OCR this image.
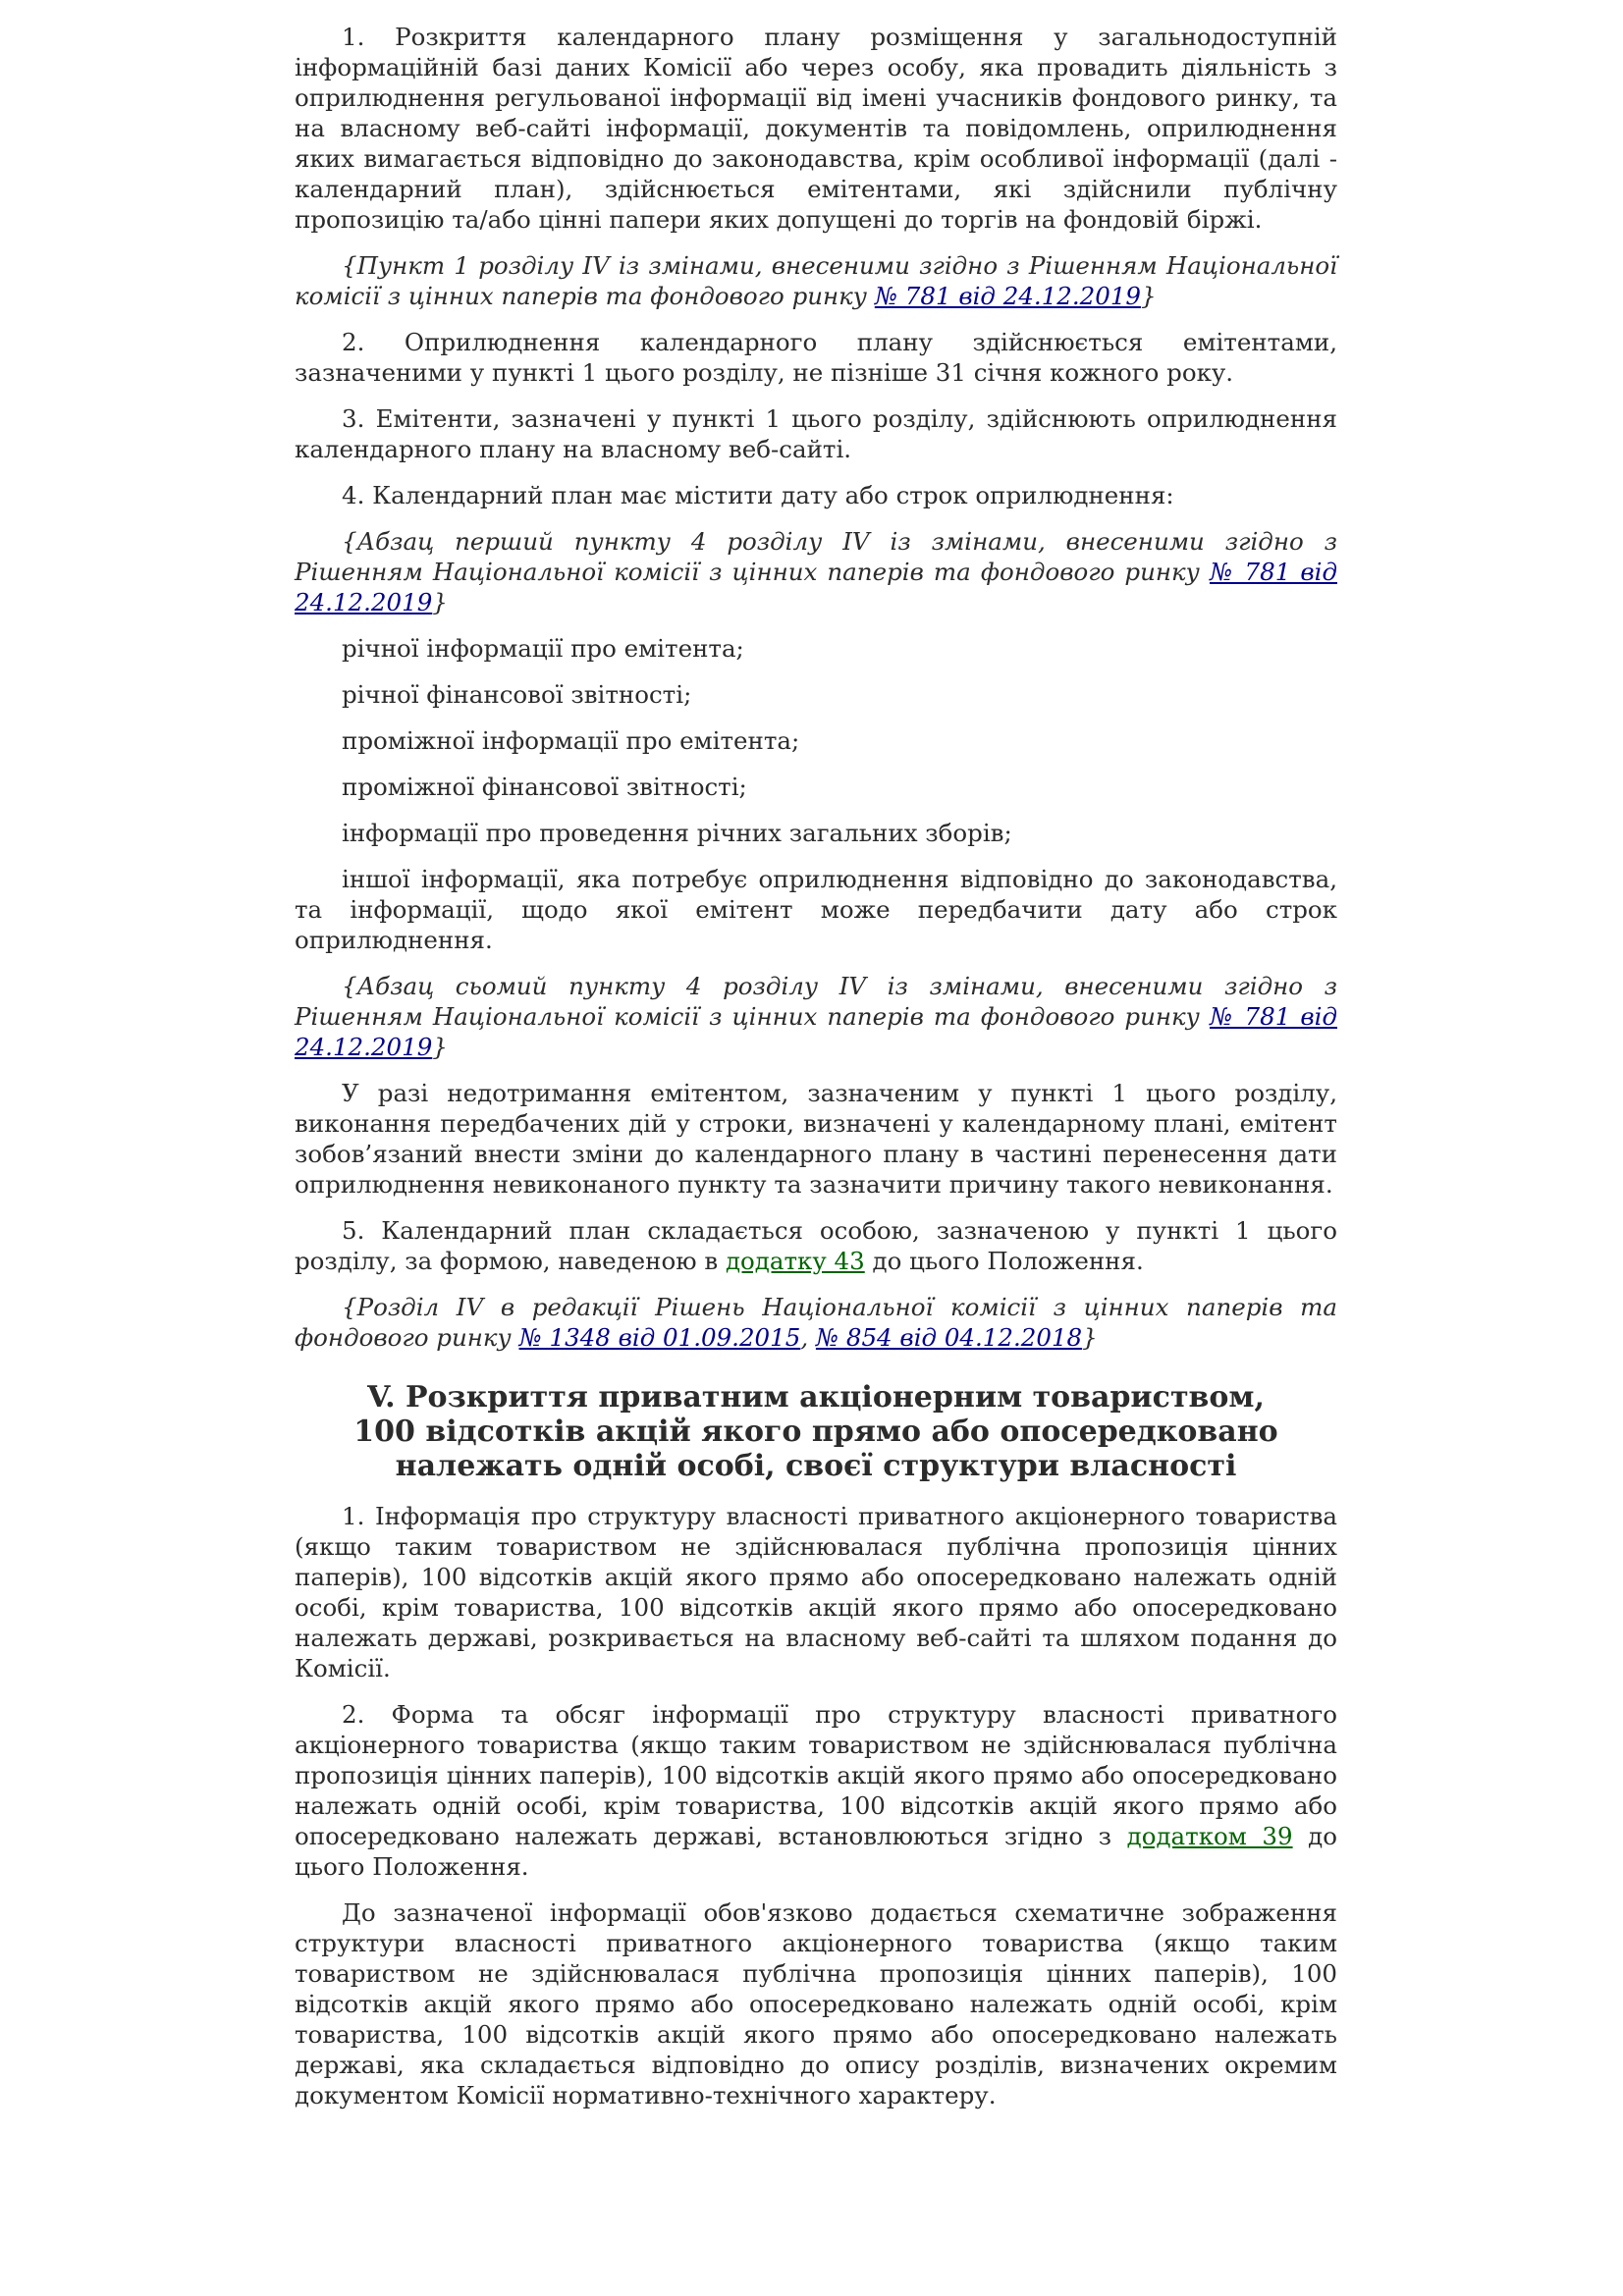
1. Розкриття календарного плану розміщення у загальнодоступній інформаційній базі даних Комісії або через особу, яка провадить діяльність з оприлюднення регульованої інформації від імені учасників фондового ринку, та на власному веб-сайті інформації, документів та повідомлень, оприлюднення яких вимагається відповідно до законодавства, крім особливої інформації (далі - календарний план), здійснюється емітентами, які здійснили публічну пропозицію та/або цінні папери яких допущені до торгів на фондовій біржі.

{Пункт 1 розділу IV із змінами, внесеними згідно з Рішенням Національної комісії з цінних паперів та фондового ринку № 781 від 24.12.2019}

2. Оприлюднення календарного плану здійснюється емітентами, зазначеними у пункті 1 цього розділу, не пізніше 31 січня кожного року.

3. Емітенти, зазначені у пункті 1 цього розділу, здійснюють оприлюднення календарного плану на власному веб-сайті.

4. Календарний план має містити дату або строк оприлюднення:

{Абзац перший пункту 4 розділу IV із змінами, внесеними згідно з Рішенням Національної комісії з цінних паперів та фондового ринку № 781 від 24.12.2019}

річної інформації про емітента;

річної фінансової звітності;

проміжної інформації про емітента;

проміжної фінансової звітності;

інформації про проведення річних загальних зборів;

іншої інформації, яка потребує оприлюднення відповідно до законодавства, та інформації, щодо якої емітент може передбачити дату або строк оприлюднення.

{Абзац сьомий пункту 4 розділу IV із змінами, внесеними згідно з Рішенням Національної комісії з цінних паперів та фондового ринку № 781 від 24.12.2019}

У разі недотримання емітентом, зазначеним у пункті 1 цього розділу, виконання передбачених дій у строки, визначені у календарному плані, емітент зобов’язаний внести зміни до календарного плану в частині перенесення дати оприлюднення невиконаного пункту та зазначити причину такого невиконання.

5. Календарний план складається особою, зазначеною у пункті 1 цього розділу, за формою, наведеною в додатку 43 до цього Положення.

{Розділ IV в редакції Рішень Національної комісії з цінних паперів та фондового ринку № 1348 від 01.09.2015, № 854 від 04.12.2018}

V. Розкриття приватним акціонерним товариством,
100 відсотків акцій якого прямо або опосередковано
належать одній особі, своєї структури власності

1. Інформація про структуру власності приватного акціонерного товариства (якщо таким товариством не здійснювалася публічна пропозиція цінних паперів), 100 відсотків акцій якого прямо або опосередковано належать одній особі, крім товариства, 100 відсотків акцій якого прямо або опосередковано належать державі, розкривається на власному веб-сайті та шляхом подання до Комісії.

2. Форма та обсяг інформації про структуру власності приватного акціонерного товариства (якщо таким товариством не здійснювалася публічна пропозиція цінних паперів), 100 відсотків акцій якого прямо або опосередковано належать одній особі, крім товариства, 100 відсотків акцій якого прямо або опосередковано належать державі, встановлюються згідно з додатком 39 до цього Положення.

До зазначеної інформації обов'язково додається схематичне зображення структури власності приватного акціонерного товариства (якщо таким товариством не здійснювалася публічна пропозиція цінних паперів), 100 відсотків акцій якого прямо або опосередковано належать одній особі, крім товариства, 100 відсотків акцій якого прямо або опосередковано належать державі, яка складається відповідно до опису розділів, визначених окремим документом Комісії нормативно-технічного характеру.
